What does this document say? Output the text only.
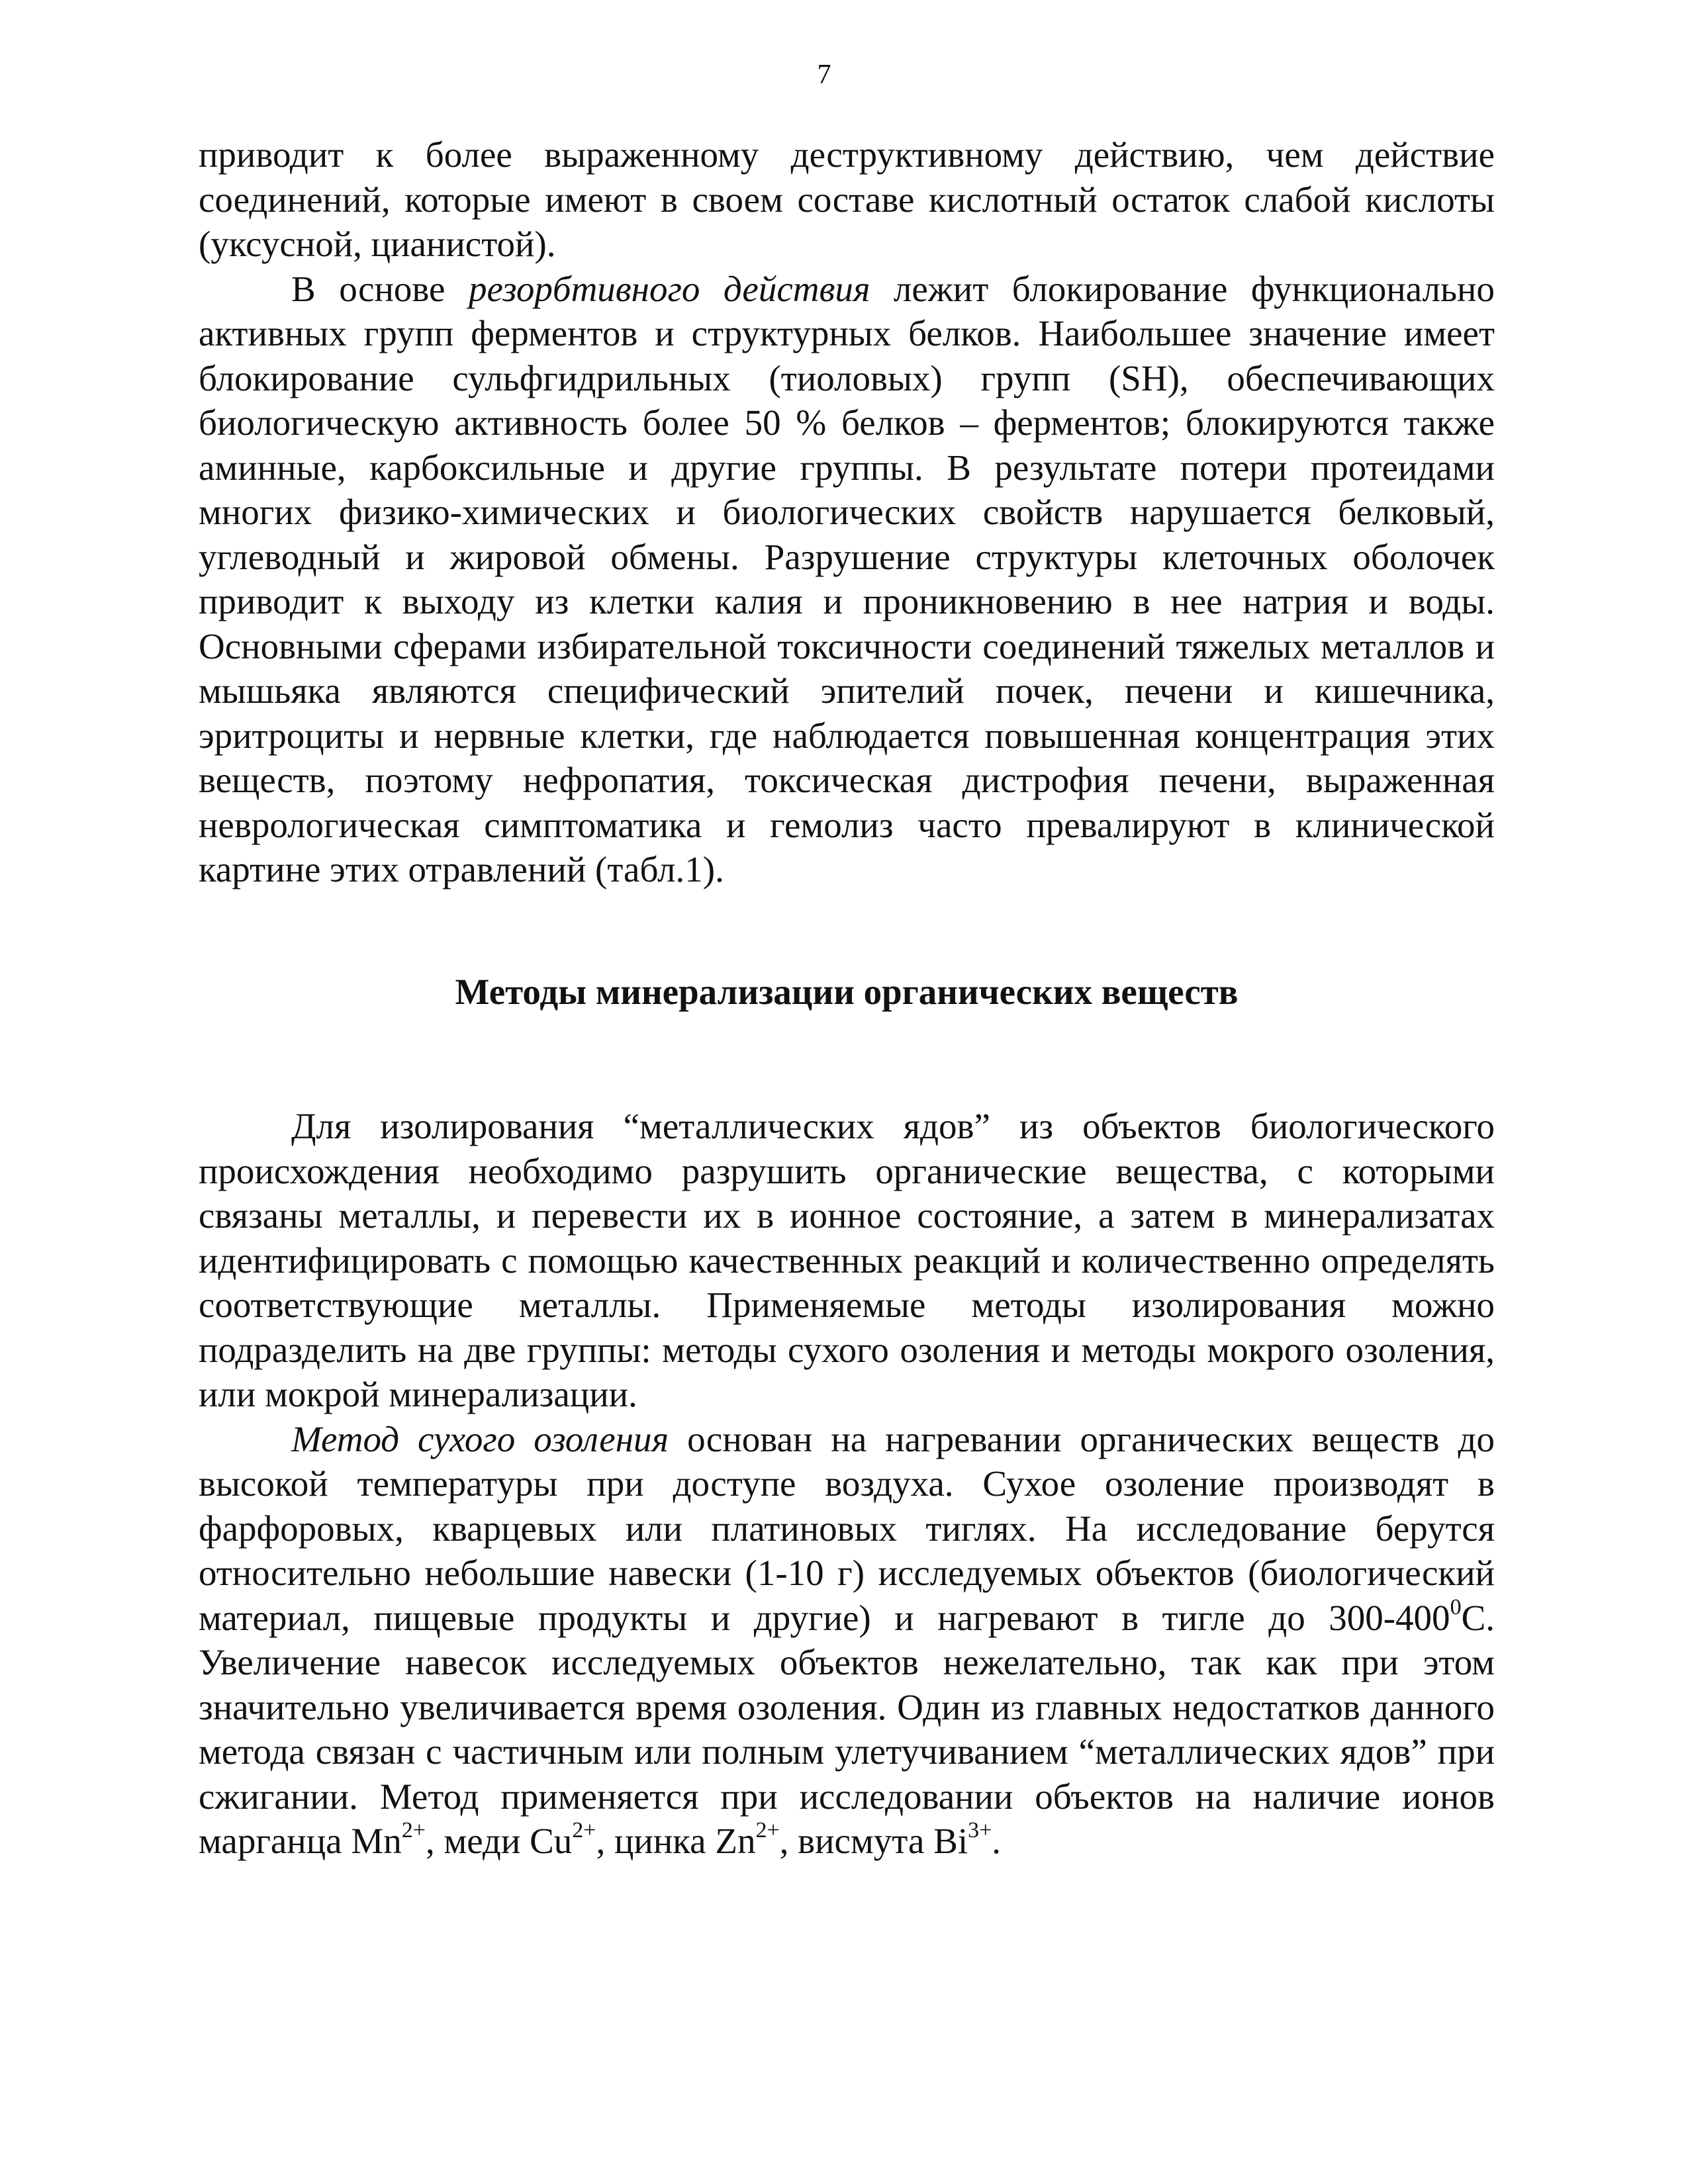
7

приводит к более выраженному деструктивному действию, чем действие соединений, которые имеют в своем составе кислотный остаток слабой кислоты (уксусной, цианистой).

В основе резорбтивного действия лежит блокирование функционально активных групп ферментов и структурных белков. Наибольшее значение имеет блокирование сульфгидрильных (тиоловых) групп (SH), обеспечивающих биологическую активность более 50 % белков – ферментов; блокируются также аминные, карбоксильные и другие группы. В результате потери протеидами многих физико-химических и биологических свойств нарушается белковый, углеводный и жировой обмены. Разрушение структуры клеточных оболочек приводит к выходу из клетки калия и проникновению в нее натрия и воды. Основными сферами избирательной токсичности соединений тяжелых металлов и мышьяка являются специфический эпителий почек, печени и кишечника, эритроциты и нервные клетки, где наблюдается повышенная концентрация этих веществ, поэтому нефропатия, токсическая дистрофия печени, выраженная неврологическая симптоматика и гемолиз часто превалируют в клинической картине этих отравлений (табл.1).

Методы минерализации органических веществ

Для изолирования “металлических ядов” из объектов биологического происхождения необходимо разрушить органические вещества, с которыми связаны металлы, и перевести их в ионное состояние, а затем в минерализатах идентифицировать с помощью качественных реакций и количественно определять соответствующие металлы. Применяемые методы изолирования можно подразделить на две группы: методы сухого озоления и методы мокрого озоления, или мокрой минерализации.

Метод сухого озоления основан на нагревании органических веществ до высокой температуры при доступе воздуха. Сухое озоление производят в фарфоровых, кварцевых или платиновых тиглях. На исследование берутся относительно небольшие навески (1-10 г) исследуемых объектов (биологический материал, пищевые продукты и другие) и нагревают в тигле до $300-400^0С$. Увеличение навесок исследуемых объектов нежелательно, так как при этом значительно увеличивается время озоления. Один из главных недостатков данного метода связан с частичным или полным улетучиванием “металлических ядов” при сжигании. Метод применяется при исследовании объектов на наличие ионов марганца $Mn^{2+}$, меди $Cu^{2+}$, цинка $Zn^{2+}$, висмута $Bi^{3+}$.
